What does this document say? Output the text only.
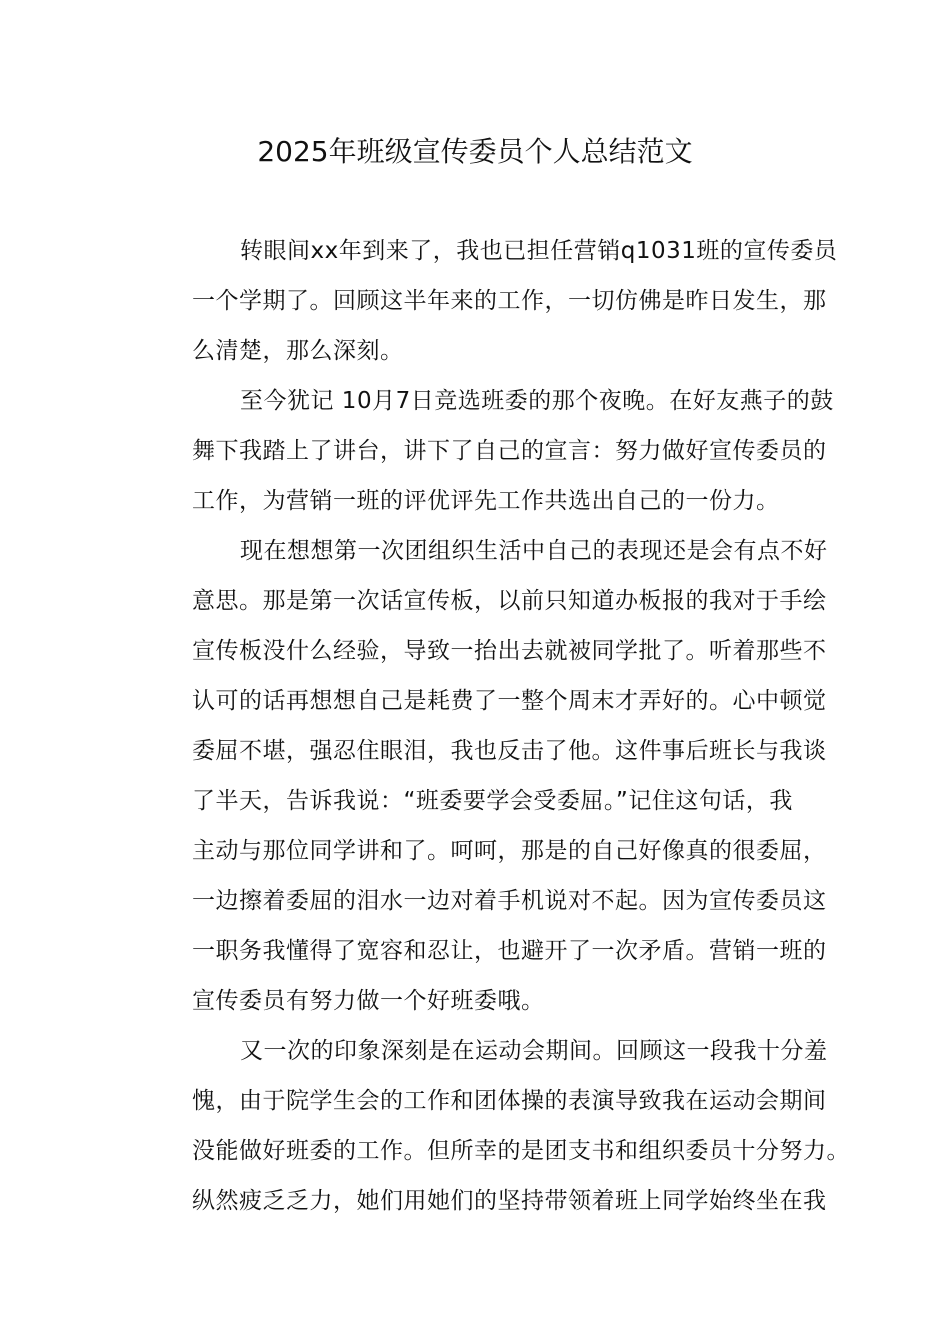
2025年班级宣传委员个人总结范文
转眼间xx年到来了，我也已担任营销q1031班的宣传委员
一个学期了。回顾这半年来的工作，一切仿佛是昨日发生，那
么清楚，那么深刻。
至今犹记 10月7日竞选班委的那个夜晚。在好友燕子的鼓
舞下我踏上了讲台，讲下了自己的宣言：努力做好宣传委员的
工作，为营销一班的评优评先工作共选出自己的一份力。
现在想想第一次团组织生活中自己的表现还是会有点不好
意思。那是第一次话宣传板，以前只知道办板报的我对于手绘
宣传板没什么经验，导致一抬出去就被同学批了。听着那些不
认可的话再想想自己是耗费了一整个周末才弄好的。心中顿觉
委屈不堪，强忍住眼泪，我也反击了他。这件事后班长与我谈
了半天，告诉我说：“班委要学会受委屈。”记住这句话，我
主动与那位同学讲和了。呵呵，那是的自己好像真的很委屈，
一边擦着委屈的泪水一边对着手机说对不起。因为宣传委员这
一职务我懂得了宽容和忍让，也避开了一次矛盾。营销一班的
宣传委员有努力做一个好班委哦。
又一次的印象深刻是在运动会期间。回顾这一段我十分羞
愧，由于院学生会的工作和团体操的表演导致我在运动会期间
没能做好班委的工作。但所幸的是团支书和组织委员十分努力。
纵然疲乏乏力，她们用她们的坚持带领着班上同学始终坐在我
